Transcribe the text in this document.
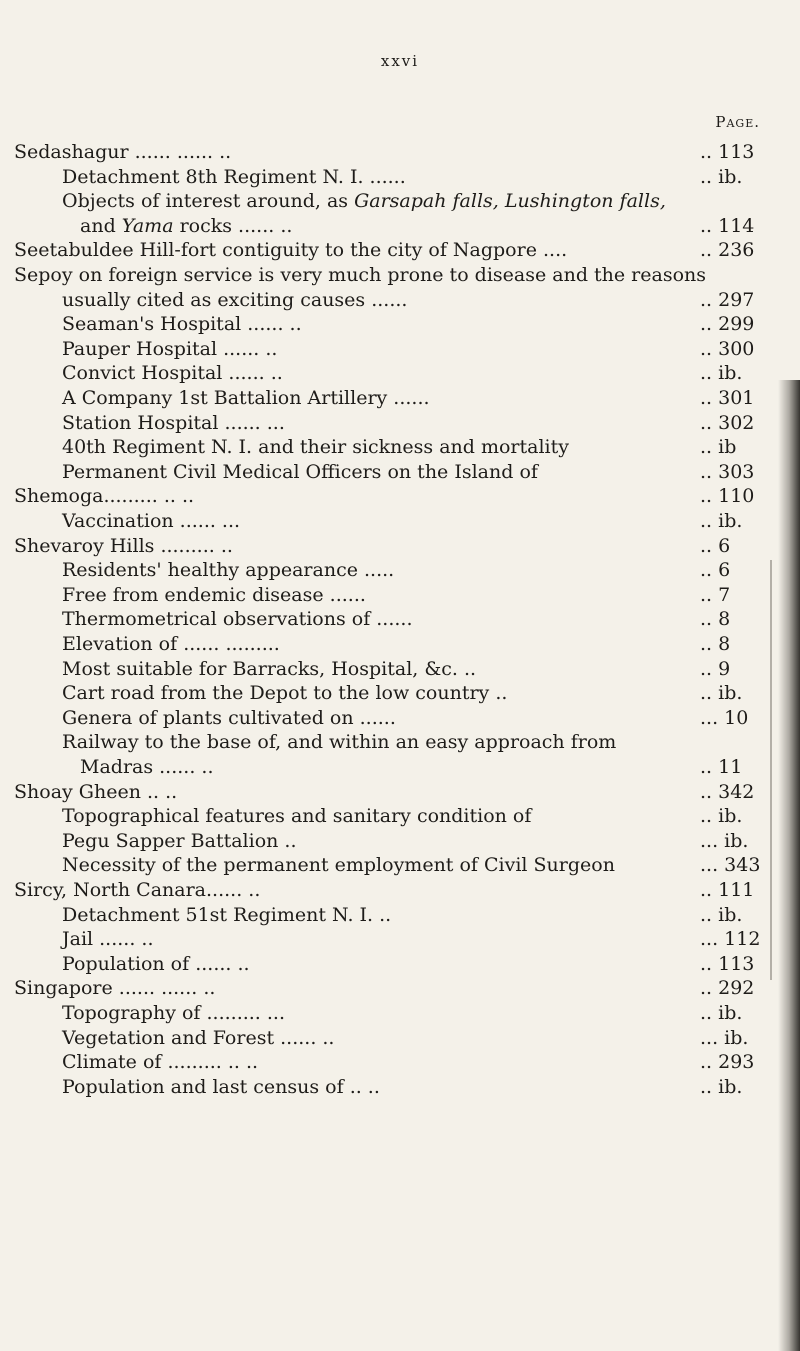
xxvi
Page.
Sedashagur ...... ...... ..	.. 113
Detachment 8th Regiment N. I. ......	.. ib.
Objects of interest around, as Garsapah falls, Lushington falls,
and Yama rocks ...... ..	.. 114
Seetabuldee Hill-fort contiguity to the city of Nagpore ....	.. 236
Sepoy on foreign service is very much prone to disease and the reasons
usually cited as exciting causes ......	.. 297
Seaman's Hospital ...... ..	.. 299
Pauper Hospital ...... ..	.. 300
Convict Hospital ...... ..	.. ib.
A Company 1st Battalion Artillery ......	.. 301
Station Hospital ...... ...	.. 302
40th Regiment N. I. and their sickness and mortality	.. ib
Permanent Civil Medical Officers on the Island of	.. 303
Shemoga......... .. ..	.. 110
Vaccination ...... ...	.. ib.
Shevaroy Hills ......... ..	.. 6
Residents' healthy appearance .....	.. 6
Free from endemic disease ......	.. 7
Thermometrical observations of ......	.. 8
Elevation of ...... .........	.. 8
Most suitable for Barracks, Hospital, &c. ..	.. 9
Cart road from the Depot to the low country ..	.. ib.
Genera of plants cultivated on ......	... 10
Railway to the base of, and within an easy approach from
Madras ...... ..	.. 11
Shoay Gheen .. ..	.. 342
Topographical features and sanitary condition of	.. ib.
Pegu Sapper Battalion ..	... ib.
Necessity of the permanent employment of Civil Surgeon	... 343
Sircy, North Canara...... ..	.. 111
Detachment 51st Regiment N. I. ..	.. ib.
Jail ...... ..	... 112
Population of ...... ..	.. 113
Singapore ...... ...... ..	.. 292
Topography of ......... ...	.. ib.
Vegetation and Forest ...... ..	... ib.
Climate of ......... .. ..	.. 293
Population and last census of .. ..	.. ib.
